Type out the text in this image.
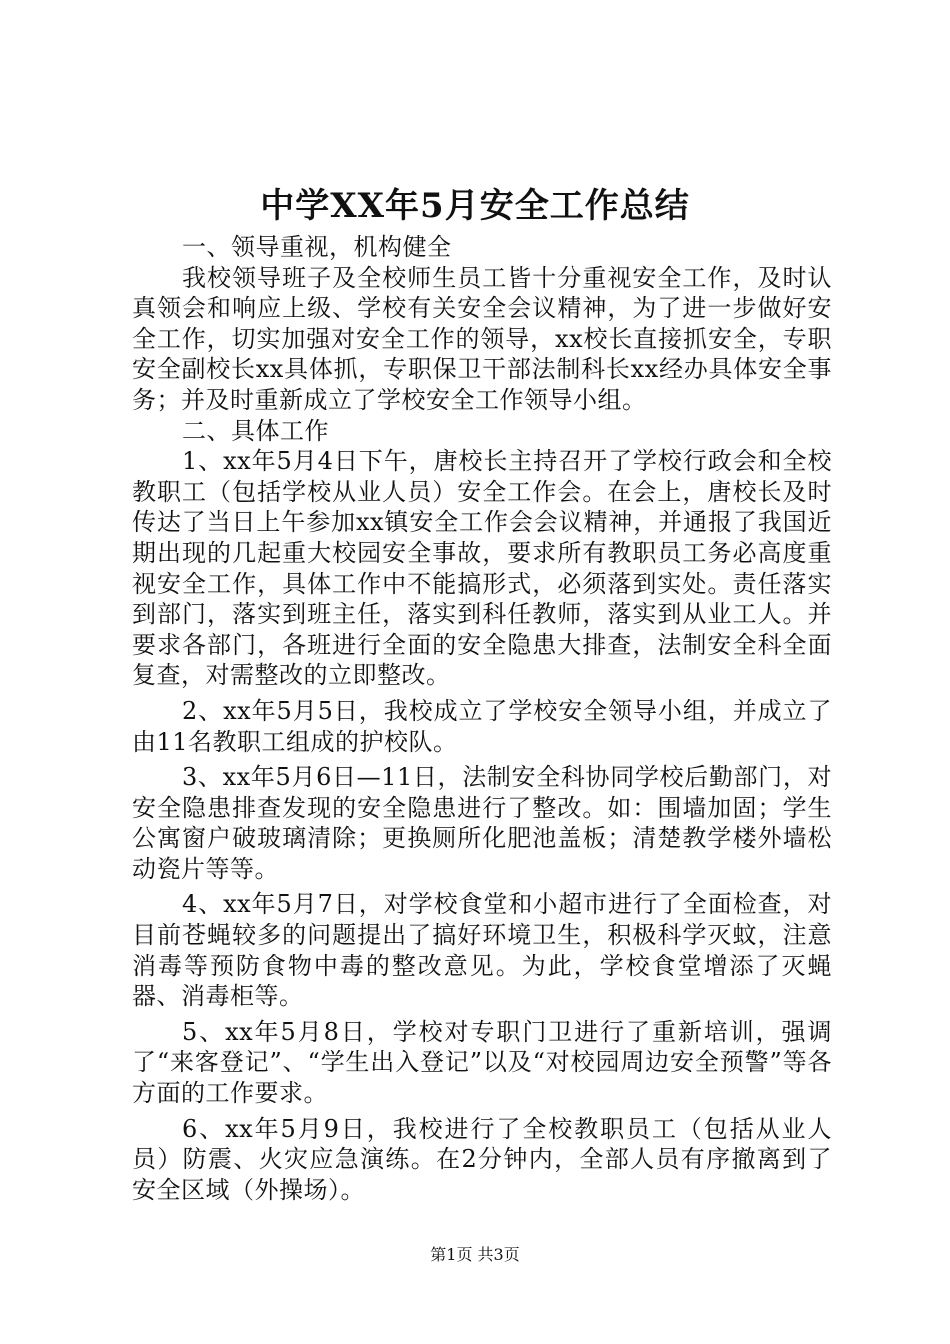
中学XX年5月安全工作总结

一、领导重视，机构健全

我校领导班子及全校师生员工皆十分重视安全工作，及时认真领会和响应上级、学校有关安全会议精神，为了进一步做好安全工作，切实加强对安全工作的领导，xx校长直接抓安全，专职安全副校长xx具体抓，专职保卫干部法制科长xx经办具体安全事务；并及时重新成立了学校安全工作领导小组。

二、具体工作

1、xx年5月4日下午，唐校长主持召开了学校行政会和全校教职工（包括学校从业人员）安全工作会。在会上，唐校长及时传达了当日上午参加xx镇安全工作会会议精神，并通报了我国近期出现的几起重大校园安全事故，要求所有教职员工务必高度重视安全工作，具体工作中不能搞形式，必须落到实处。责任落实到部门，落实到班主任，落实到科任教师，落实到从业工人。并要求各部门，各班进行全面的安全隐患大排查，法制安全科全面复查，对需整改的立即整改。

2、xx年5月5日，我校成立了学校安全领导小组，并成立了由11名教职工组成的护校队。

3、xx年5月6日—11日，法制安全科协同学校后勤部门，对安全隐患排查发现的安全隐患进行了整改。如：围墙加固；学生公寓窗户破玻璃清除；更换厕所化肥池盖板；清楚教学楼外墙松动瓷片等等。

4、xx年5月7日，对学校食堂和小超市进行了全面检查，对目前苍蝇较多的问题提出了搞好环境卫生，积极科学灭蚊，注意消毒等预防食物中毒的整改意见。为此，学校食堂增添了灭蝇器、消毒柜等。

5、xx年5月8日，学校对专职门卫进行了重新培训，强调了“来客登记”、“学生出入登记”以及“对校园周边安全预警”等各方面的工作要求。

6、xx年5月9日，我校进行了全校教职员工（包括从业人员）防震、火灾应急演练。在2分钟内，全部人员有序撤离到了安全区域（外操场）。

第1页 共3页
